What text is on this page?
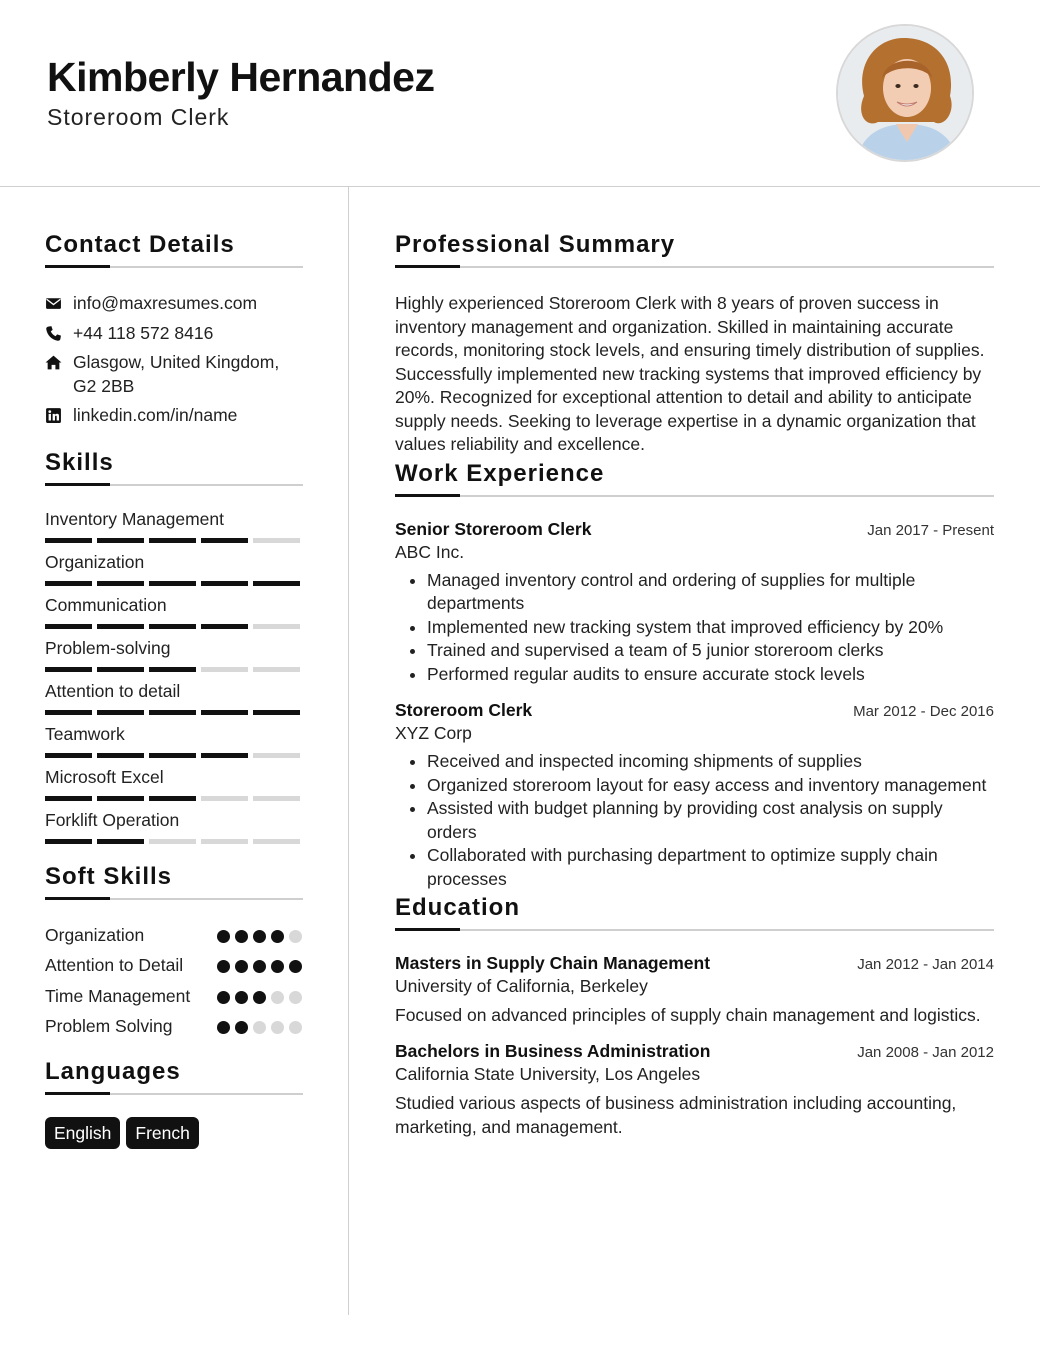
Kimberly Hernandez
Storeroom Clerk
Contact Details
info@maxresumes.com
+44 118 572 8416
Glasgow, United Kingdom, G2 2BB
linkedin.com/in/name
Skills
Inventory Management
Organization
Communication
Problem-solving
Attention to detail
Teamwork
Microsoft Excel
Forklift Operation
Soft Skills
Organization
Attention to Detail
Time Management
Problem Solving
Languages
English	French
Professional Summary
Highly experienced Storeroom Clerk with 8 years of proven success in inventory management and organization. Skilled in maintaining accurate records, monitoring stock levels, and ensuring timely distribution of supplies. Successfully implemented new tracking systems that improved efficiency by 20%. Recognized for exceptional attention to detail and ability to anticipate supply needs. Seeking to leverage expertise in a dynamic organization that values reliability and excellence.
Work Experience
Senior Storeroom Clerk	Jan 2017 - Present
ABC Inc.
• Managed inventory control and ordering of supplies for multiple departments
• Implemented new tracking system that improved efficiency by 20%
• Trained and supervised a team of 5 junior storeroom clerks
• Performed regular audits to ensure accurate stock levels
Storeroom Clerk	Mar 2012 - Dec 2016
XYZ Corp
• Received and inspected incoming shipments of supplies
• Organized storeroom layout for easy access and inventory management
• Assisted with budget planning by providing cost analysis on supply orders
• Collaborated with purchasing department to optimize supply chain processes
Education
Masters in Supply Chain Management	Jan 2012 - Jan 2014
University of California, Berkeley
Focused on advanced principles of supply chain management and logistics.
Bachelors in Business Administration	Jan 2008 - Jan 2012
California State University, Los Angeles
Studied various aspects of business administration including accounting, marketing, and management.
